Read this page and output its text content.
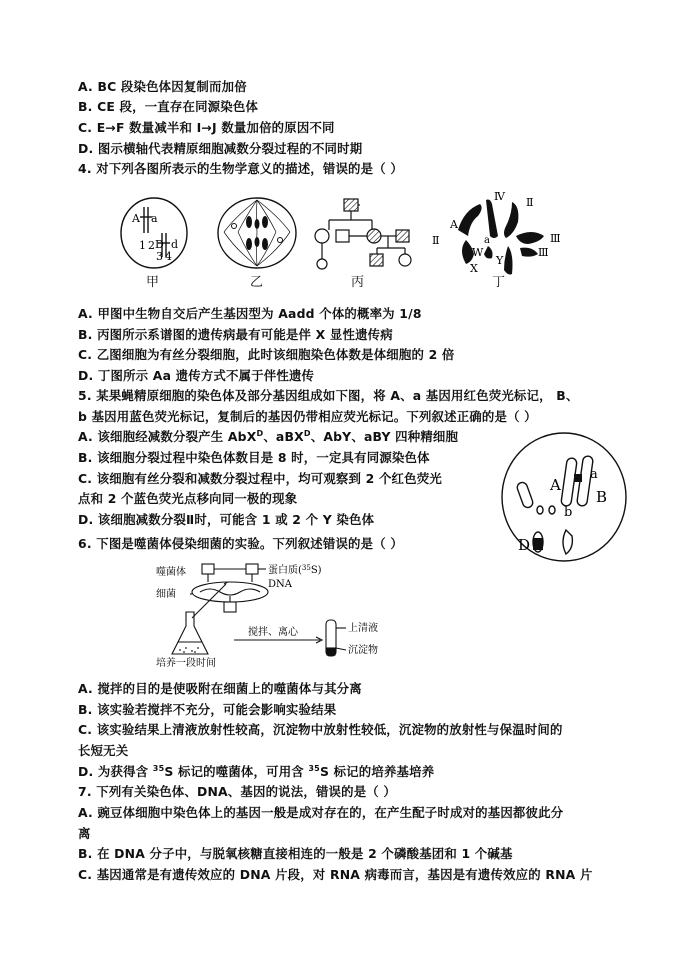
A. BC 段染色体因复制而加倍
B. CE 段，一直存在同源染色体
C. E→F 数量减半和 I→J 数量加倍的原因不同
D. 图示横轴代表精原细胞减数分裂过程的不同时期
4. 对下列各图所表示的生物学意义的描述，错误的是（ ）
A a
1 2 D d
3 4
甲	乙	丙
Ⅳ
A
Ⅱ	a
W
Ⅲ
Ⅲ
X
Y
Ⅱ
丁
A. 甲图中生物自交后产生基因型为 Aadd 个体的概率为 1/8
B. 丙图所示系谱图的遗传病最有可能是伴 X 显性遗传病
C. 乙图细胞为有丝分裂细胞，此时该细胞染色体数是体细胞的 2 倍
D. 丁图所示 Aa 遗传方式不属于伴性遗传
5. 某果蝇精原细胞的染色体及部分基因组成如下图，将 A、a 基因用红色荧光标记， B、
b 基因用蓝色荧光标记，复制后的基因仍带相应荧光标记。下列叙述正确的是（ ）
A. 该细胞经减数分裂产生 AbX$^D$、aBX$^D$、AbY、aBY 四种精细胞
B. 该细胞分裂过程中染色体数目是 8 时，一定具有同源染色体
C. 该细胞有丝分裂和减数分裂过程中，均可观察到 2 个红色荧光
点和 2 个蓝色荧光点移向同一极的现象
D. 该细胞减数分裂Ⅱ时，可能含 1 或 2 个 Y 染色体
A
a
B
b
D
6. 下图是噬菌体侵染细菌的实验。下列叙述错误的是（ ）
噬菌体	蛋白质($^{35}$S)
DNA
细菌
搅拌、离心	上清液
沉淀物
培养一段时间
A. 搅拌的目的是使吸附在细菌上的噬菌体与其分离
B. 该实验若搅拌不充分，可能会影响实验结果
C. 该实验结果上清液放射性较高，沉淀物中放射性较低，沉淀物的放射性与保温时间的
长短无关
D. 为获得含 $^{35}$S 标记的噬菌体，可用含 $^{35}$S 标记的培养基培养
7. 下列有关染色体、DNA、基因的说法，错误的是（ ）
A. 豌豆体细胞中染色体上的基因一般是成对存在的，在产生配子时成对的基因都彼此分
离
B. 在 DNA 分子中，与脱氧核糖直接相连的一般是 2 个磷酸基团和 1 个碱基
C. 基因通常是有遗传效应的 DNA 片段，对 RNA 病毒而言，基因是有遗传效应的 RNA 片
